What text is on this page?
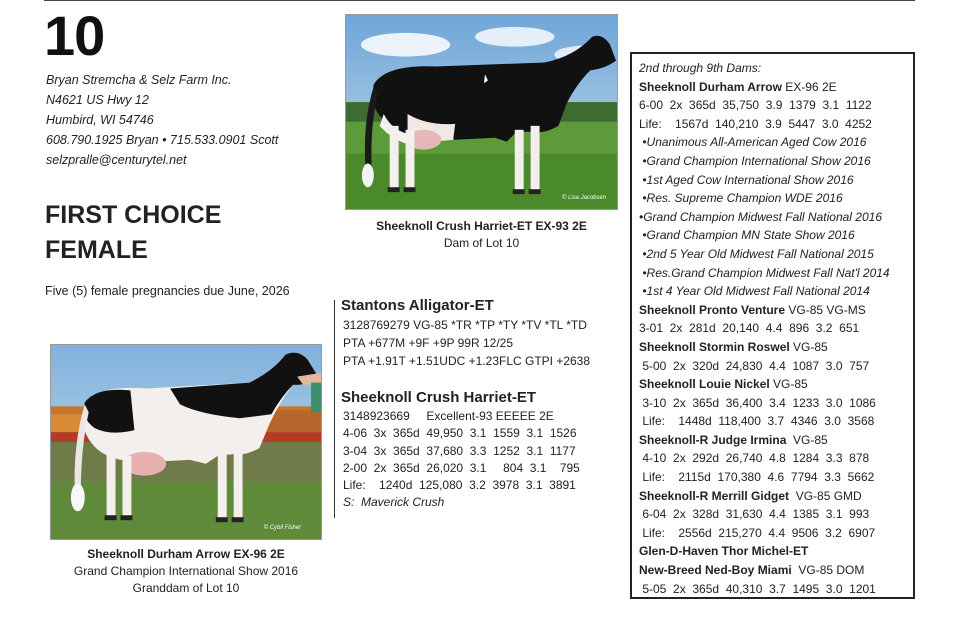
10
Bryan Stremcha & Selz Farm Inc.
N4621 US Hwy 12
Humbird, WI 54746
608.790.1925 Bryan • 715.533.0901 Scott
selzpralle@centurytel.net
FIRST CHOICE
FEMALE
Five (5) female pregnancies due June, 2026
© Lisa Jacobsen
Sheeknoll Crush Harriet-ET EX-93 2E
Dam of Lot 10
© Cybil Fisher
Sheeknoll Durham Arrow EX-96 2E
Grand Champion International Show 2016
Granddam of Lot 10
Stantons Alligator-ET
3128769279 VG-85 *TR *TP *TY *TV *TL *TD
PTA +677M +9F +9P 99R 12/25
PTA +1.91T +1.51UDC +1.23FLC GTPI +2638
Sheeknoll Crush Harriet-ET
3148923669     Excellent-93 EEEEE 2E
4-06  3x  365d  49,950  3.1  1559  3.1  1526
3-04  3x  365d  37,680  3.3  1252  3.1  1177
2-00  2x  365d  26,020  3.1     804  3.1    795
Life:    1240d  125,080  3.2  3978  3.1  3891
S:  Maverick Crush
2nd through 9th Dams:
Sheeknoll Durham Arrow EX-96 2E
6-00  2x  365d  35,750  3.9  1379  3.1  1122
Life:    1567d  140,210  3.9  5447  3.0  4252
•Unanimous All-American Aged Cow 2016
•Grand Champion International Show 2016
•1st Aged Cow International Show 2016
•Res. Supreme Champion WDE 2016
•Grand Champion Midwest Fall National 2016
•Grand Champion MN State Show 2016
•2nd 5 Year Old Midwest Fall National 2015
•Res.Grand Champion Midwest Fall Nat'l 2014
•1st 4 Year Old Midwest Fall National 2014
Sheeknoll Pronto Venture VG-85 VG-MS
3-01  2x  281d  20,140  4.4  896  3.2  651
Sheeknoll Stormin Roswel VG-85
5-00  2x  320d  24,830  4.4  1087  3.0  757
Sheeknoll Louie Nickel VG-85
3-10  2x  365d  36,400  3.4  1233  3.0  1086
Life:    1448d  118,400  3.7  4346  3.0  3568
Sheeknoll-R Judge Irmina  VG-85
4-10  2x  292d  26,740  4.8  1284  3.3  878
Life:    2115d  170,380  4.6  7794  3.3  5662
Sheeknoll-R Merrill Gidget  VG-85 GMD
6-04  2x  328d  31,630  4.4  1385  3.1  993
Life:    2556d  215,270  4.4  9506  3.2  6907
Glen-D-Haven Thor Michel-ET
New-Breed Ned-Boy Miami  VG-85 DOM
5-05  2x  365d  40,310  3.7  1495  3.0  1201
